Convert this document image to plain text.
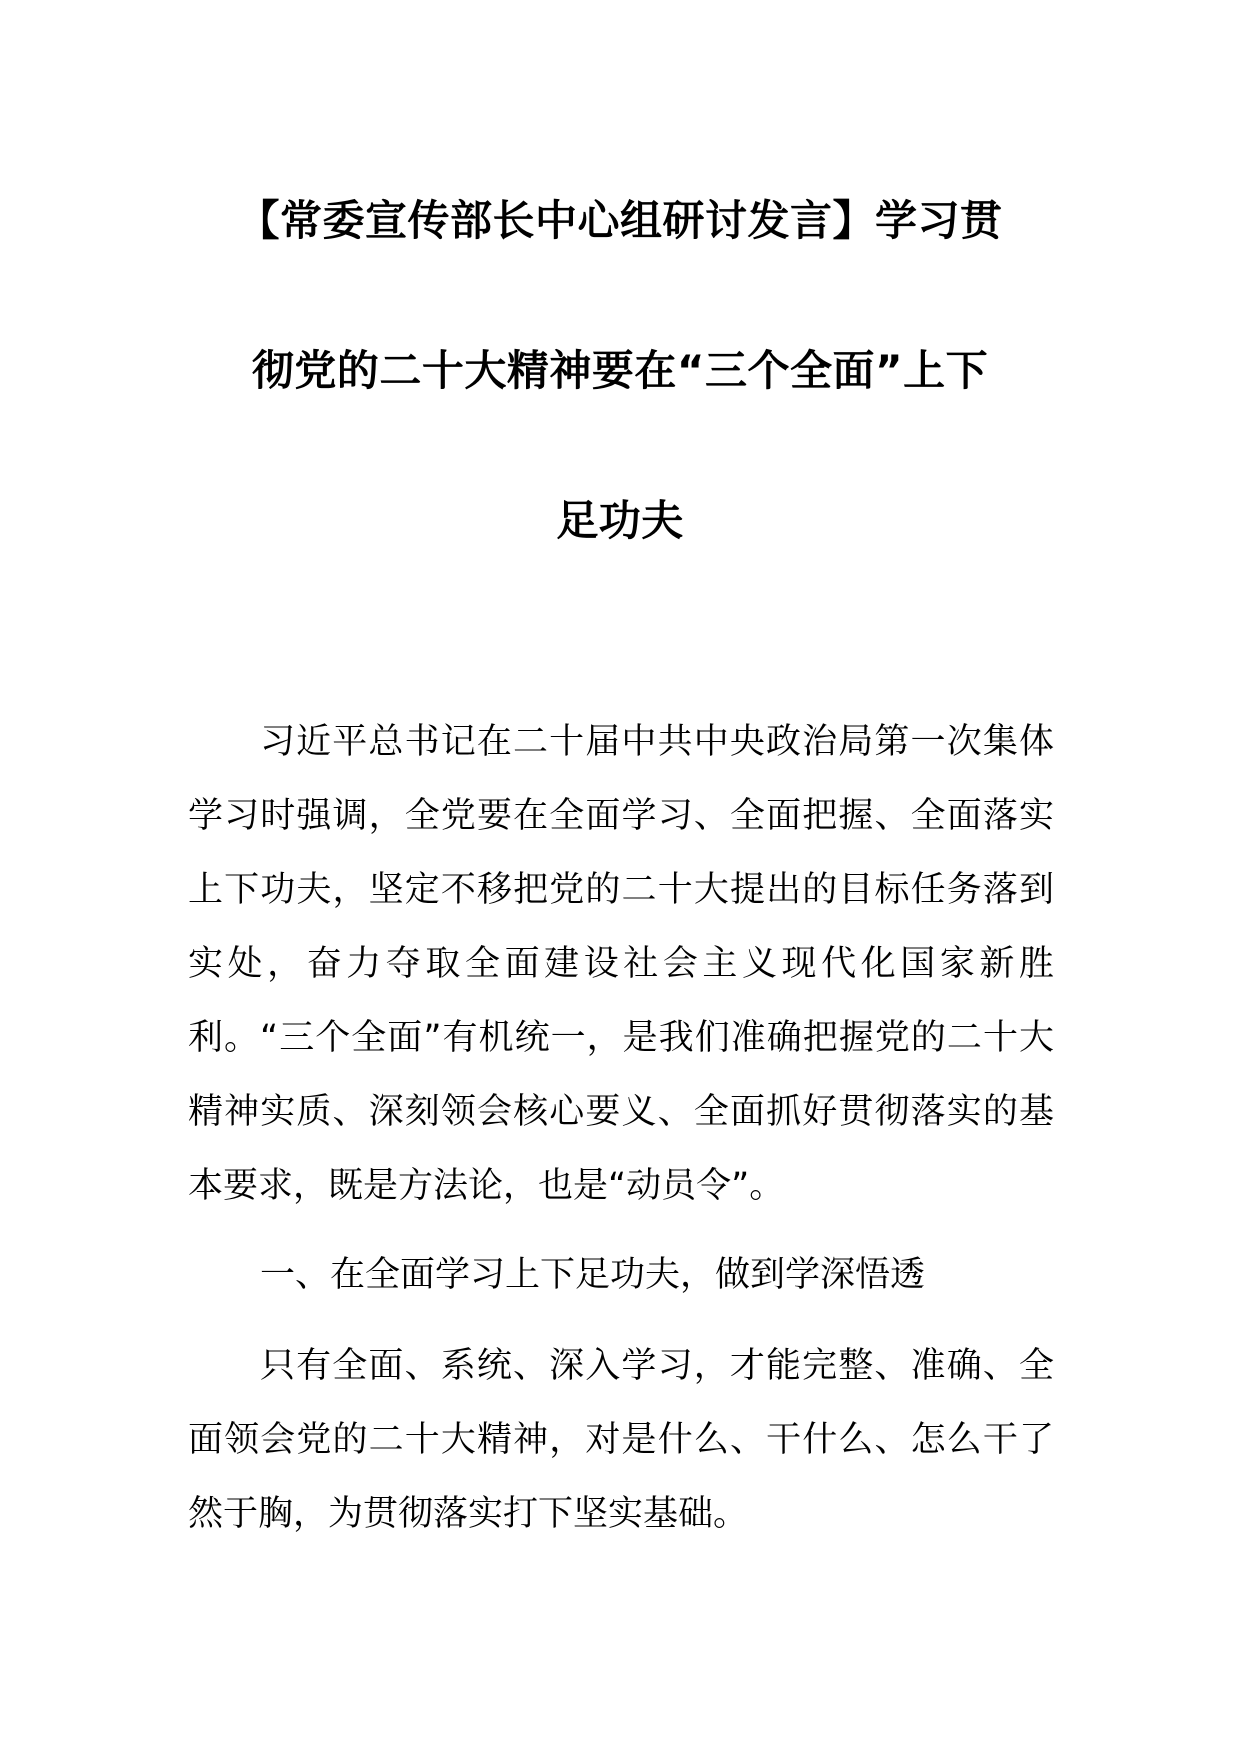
【常委宣传部长中心组研讨发言】学习贯
彻党的二十大精神要在“三个全面”上下
足功夫

习近平总书记在二十届中共中央政治局第一次集体学习时强调，全党要在全面学习、全面把握、全面落实上下功夫，坚定不移把党的二十大提出的目标任务落到实处，奋力夺取全面建设社会主义现代化国家新胜利。“三个全面”有机统一，是我们准确把握党的二十大精神实质、深刻领会核心要义、全面抓好贯彻落实的基本要求，既是方法论，也是“动员令”。

一、在全面学习上下足功夫，做到学深悟透

只有全面、系统、深入学习，才能完整、准确、全面领会党的二十大精神，对是什么、干什么、怎么干了然于胸，为贯彻落实打下坚实基础。
